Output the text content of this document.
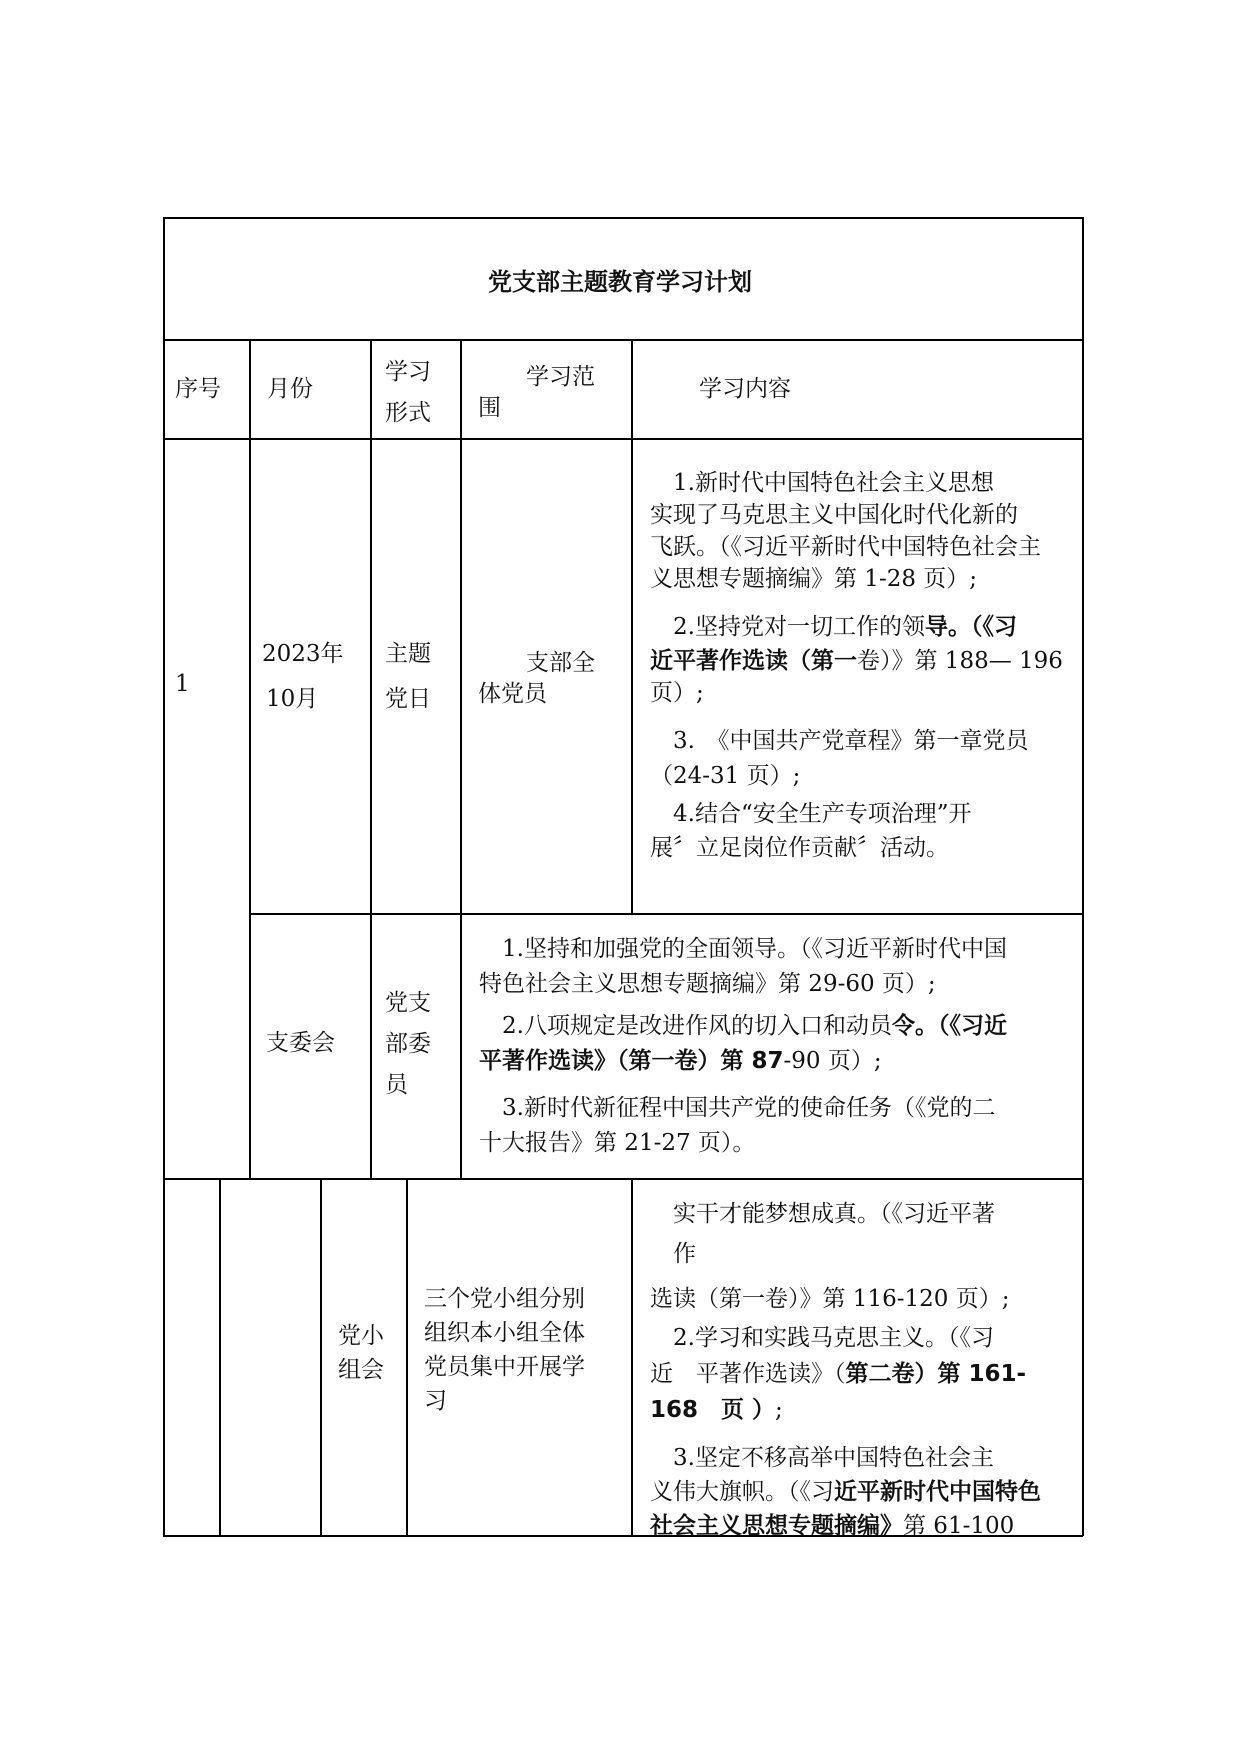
党支部主题教育学习计划
序号 月份
学习
形式
学习范
围
学习内容
1
2023年
10月
主题
党日
支部全
体党员
　1.新时代中国特色社会主义思想
实现了马克思主义中国化时代化新的
飞跃。（《习近平新时代中国特色社会主
义思想专题摘编》第 1-28 页）;
　2.坚持党对一切工作的领导。（《习
近平著作选读（第一卷）》第 188— 196
页）;
　3.　《中国共产党章程》第一章党员
（24-31 页）;
　4.结合“安全生产专项治理”开
展〞立足岗位作贡献〞活动。
支委会
党支
部委
员
　1.坚持和加强党的全面领导。（《习近平新时代中国
特色社会主义思想专题摘编》第 29-60 页）;
　2.八项规定是改进作风的切入口和动员令。（《习近
平著作选读》（第一卷）第 87-90 页）;
　3.新时代新征程中国共产党的使命任务（《党的二
十大报告》第 21-27 页）。
党小
组会
三个党小组分别
组织本小组全体
党员集中开展学
习
　实干才能梦想成真。（《习近平著
　作
选读（第一卷）》第 116-120 页）;
　2.学习和实践马克思主义。（《习
近　平著作选读》（第二卷）第 161-
168　页 ）;
　3.坚定不移高举中国特色社会主
义伟大旗帜。（《习近平新时代中国特色
社会主义思想专题摘编》第 61-100
